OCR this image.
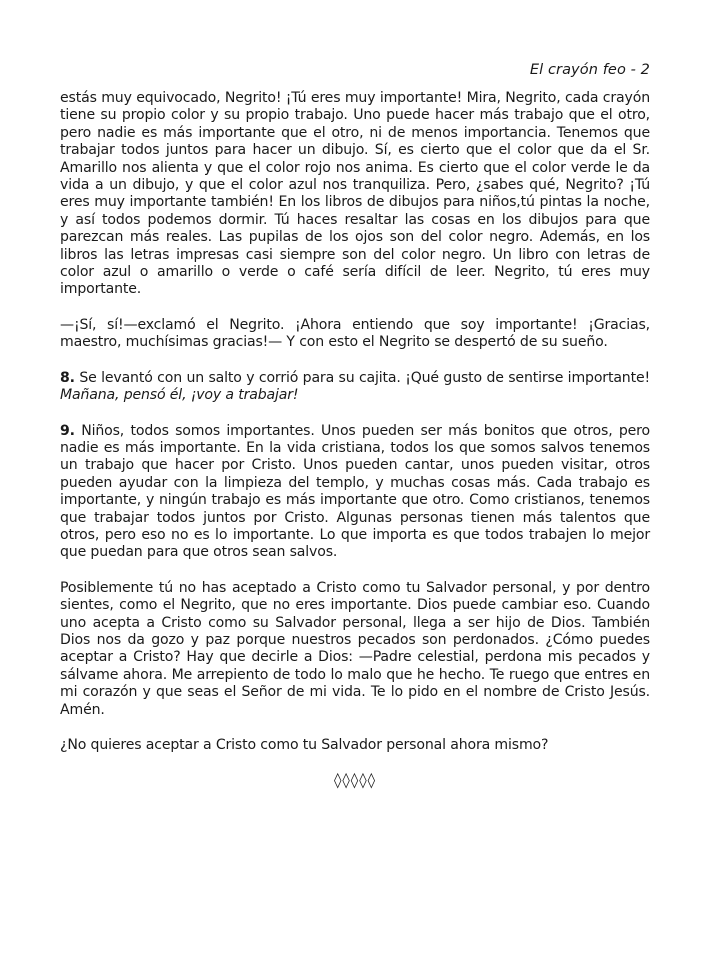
El crayón feo - 2

estás muy equivocado, Negrito! ¡Tú eres muy importante! Mira, Negrito, cada crayón tiene su propio color y su propio trabajo. Uno puede hacer más trabajo que el otro, pero nadie es más importante que el otro, ni de menos importancia. Tenemos que trabajar todos juntos para hacer un dibujo. Sí, es cierto que el color que da el Sr. Amarillo nos alienta y que el color rojo nos anima. Es cierto que el color verde le da vida a un dibujo, y que el color azul nos tranquiliza. Pero, ¿sabes qué, Negrito? ¡Tú eres muy importante también! En los libros de dibujos para niños,tú pintas la noche, y así todos podemos dormir. Tú haces resaltar las cosas en los dibujos para que parezcan más reales. Las pupilas de los ojos son del color negro. Además, en los libros las letras impresas casi siempre son del color negro. Un libro con letras de color azul o amarillo o verde o café sería difícil de leer. Negrito, tú eres muy importante.

—¡Sí, sí!—exclamó el Negrito. ¡Ahora entiendo que soy importante! ¡Gracias, maestro, muchísimas gracias!— Y con esto el Negrito se despertó de su sueño.

8. Se levantó con un salto y corrió para su cajita. ¡Qué gusto de sentirse importante! Mañana, pensó él, ¡voy a trabajar!

9. Niños, todos somos importantes. Unos pueden ser más bonitos que otros, pero nadie es más importante. En la vida cristiana, todos los que somos salvos tenemos un trabajo que hacer por Cristo. Unos pueden cantar, unos pueden visitar, otros pueden ayudar con la limpieza del templo, y muchas cosas más. Cada trabajo es importante, y ningún trabajo es más importante que otro. Como cristianos, tenemos que trabajar todos juntos por Cristo. Algunas personas tienen más talentos que otros, pero eso no es lo importante. Lo que importa es que todos trabajen lo mejor que puedan para que otros sean salvos.

Posiblemente tú no has aceptado a Cristo como tu Salvador personal, y por dentro sientes, como el Negrito, que no eres importante. Dios puede cambiar eso. Cuando uno acepta a Cristo como su Salvador personal, llega a ser hijo de Dios. También Dios nos da gozo y paz porque nuestros pecados son perdonados. ¿Cómo puedes aceptar a Cristo? Hay que decirle a Dios: —Padre celestial, perdona mis pecados y sálvame ahora. Me arrepiento de todo lo malo que he hecho. Te ruego que entres en mi corazón y que seas el Señor de mi vida. Te lo pido en el nombre de Cristo Jesús. Amén.

¿No quieres aceptar a Cristo como tu Salvador personal ahora mismo?

◊◊◊◊◊
